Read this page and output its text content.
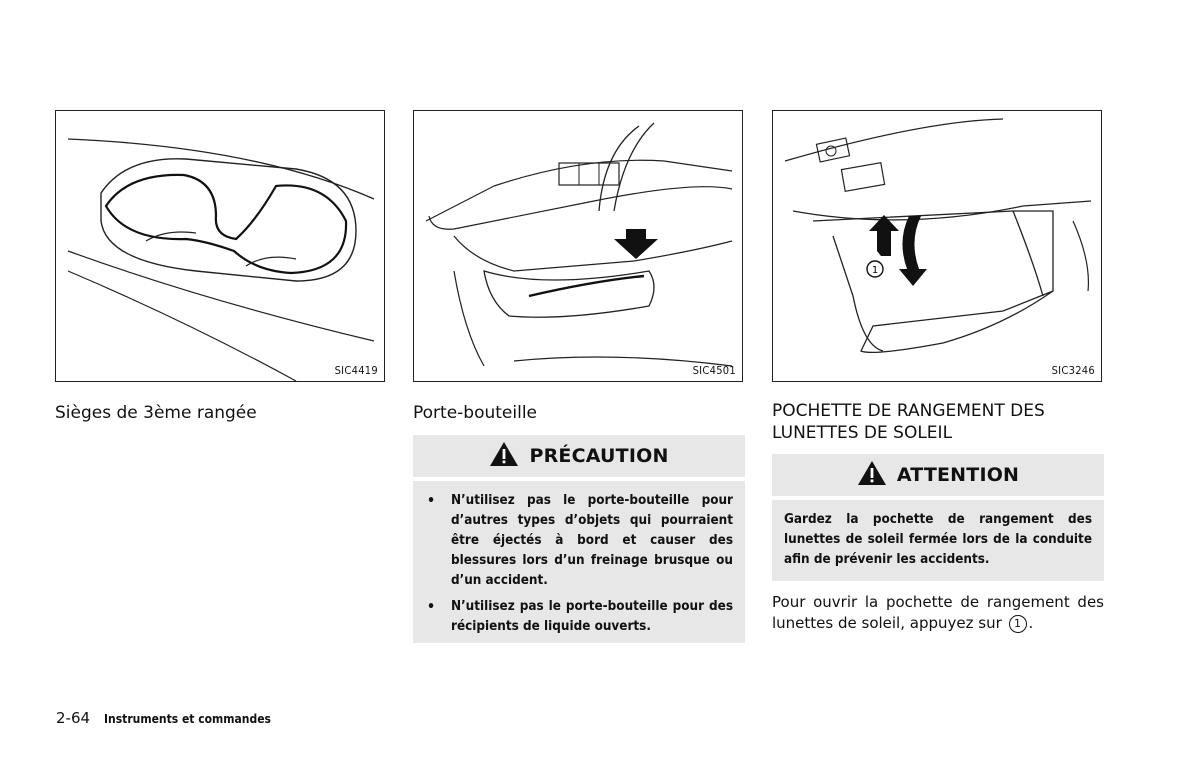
SIC4419	SIC4501
1
SIC3246
Sièges de 3ème rangée	Porte-bouteille	POCHETTE DE RANGEMENT DES LUNETTES DE SOLEIL
PRÉCAUTION
•	N’utilisez pas le porte-bouteille pour d’autres types d’objets qui pourraient être éjectés à bord et causer des blessures lors d’un freinage brusque ou d’un accident.
•	N’utilisez pas le porte-bouteille pour des récipients de liquide ouverts.
ATTENTION
Gardez la pochette de rangement des lunettes de soleil fermée lors de la conduite afin de prévenir les accidents.
Pour ouvrir la pochette de rangement des lunettes de soleil, appuyez sur 1 .
2-64 Instruments et commandes
